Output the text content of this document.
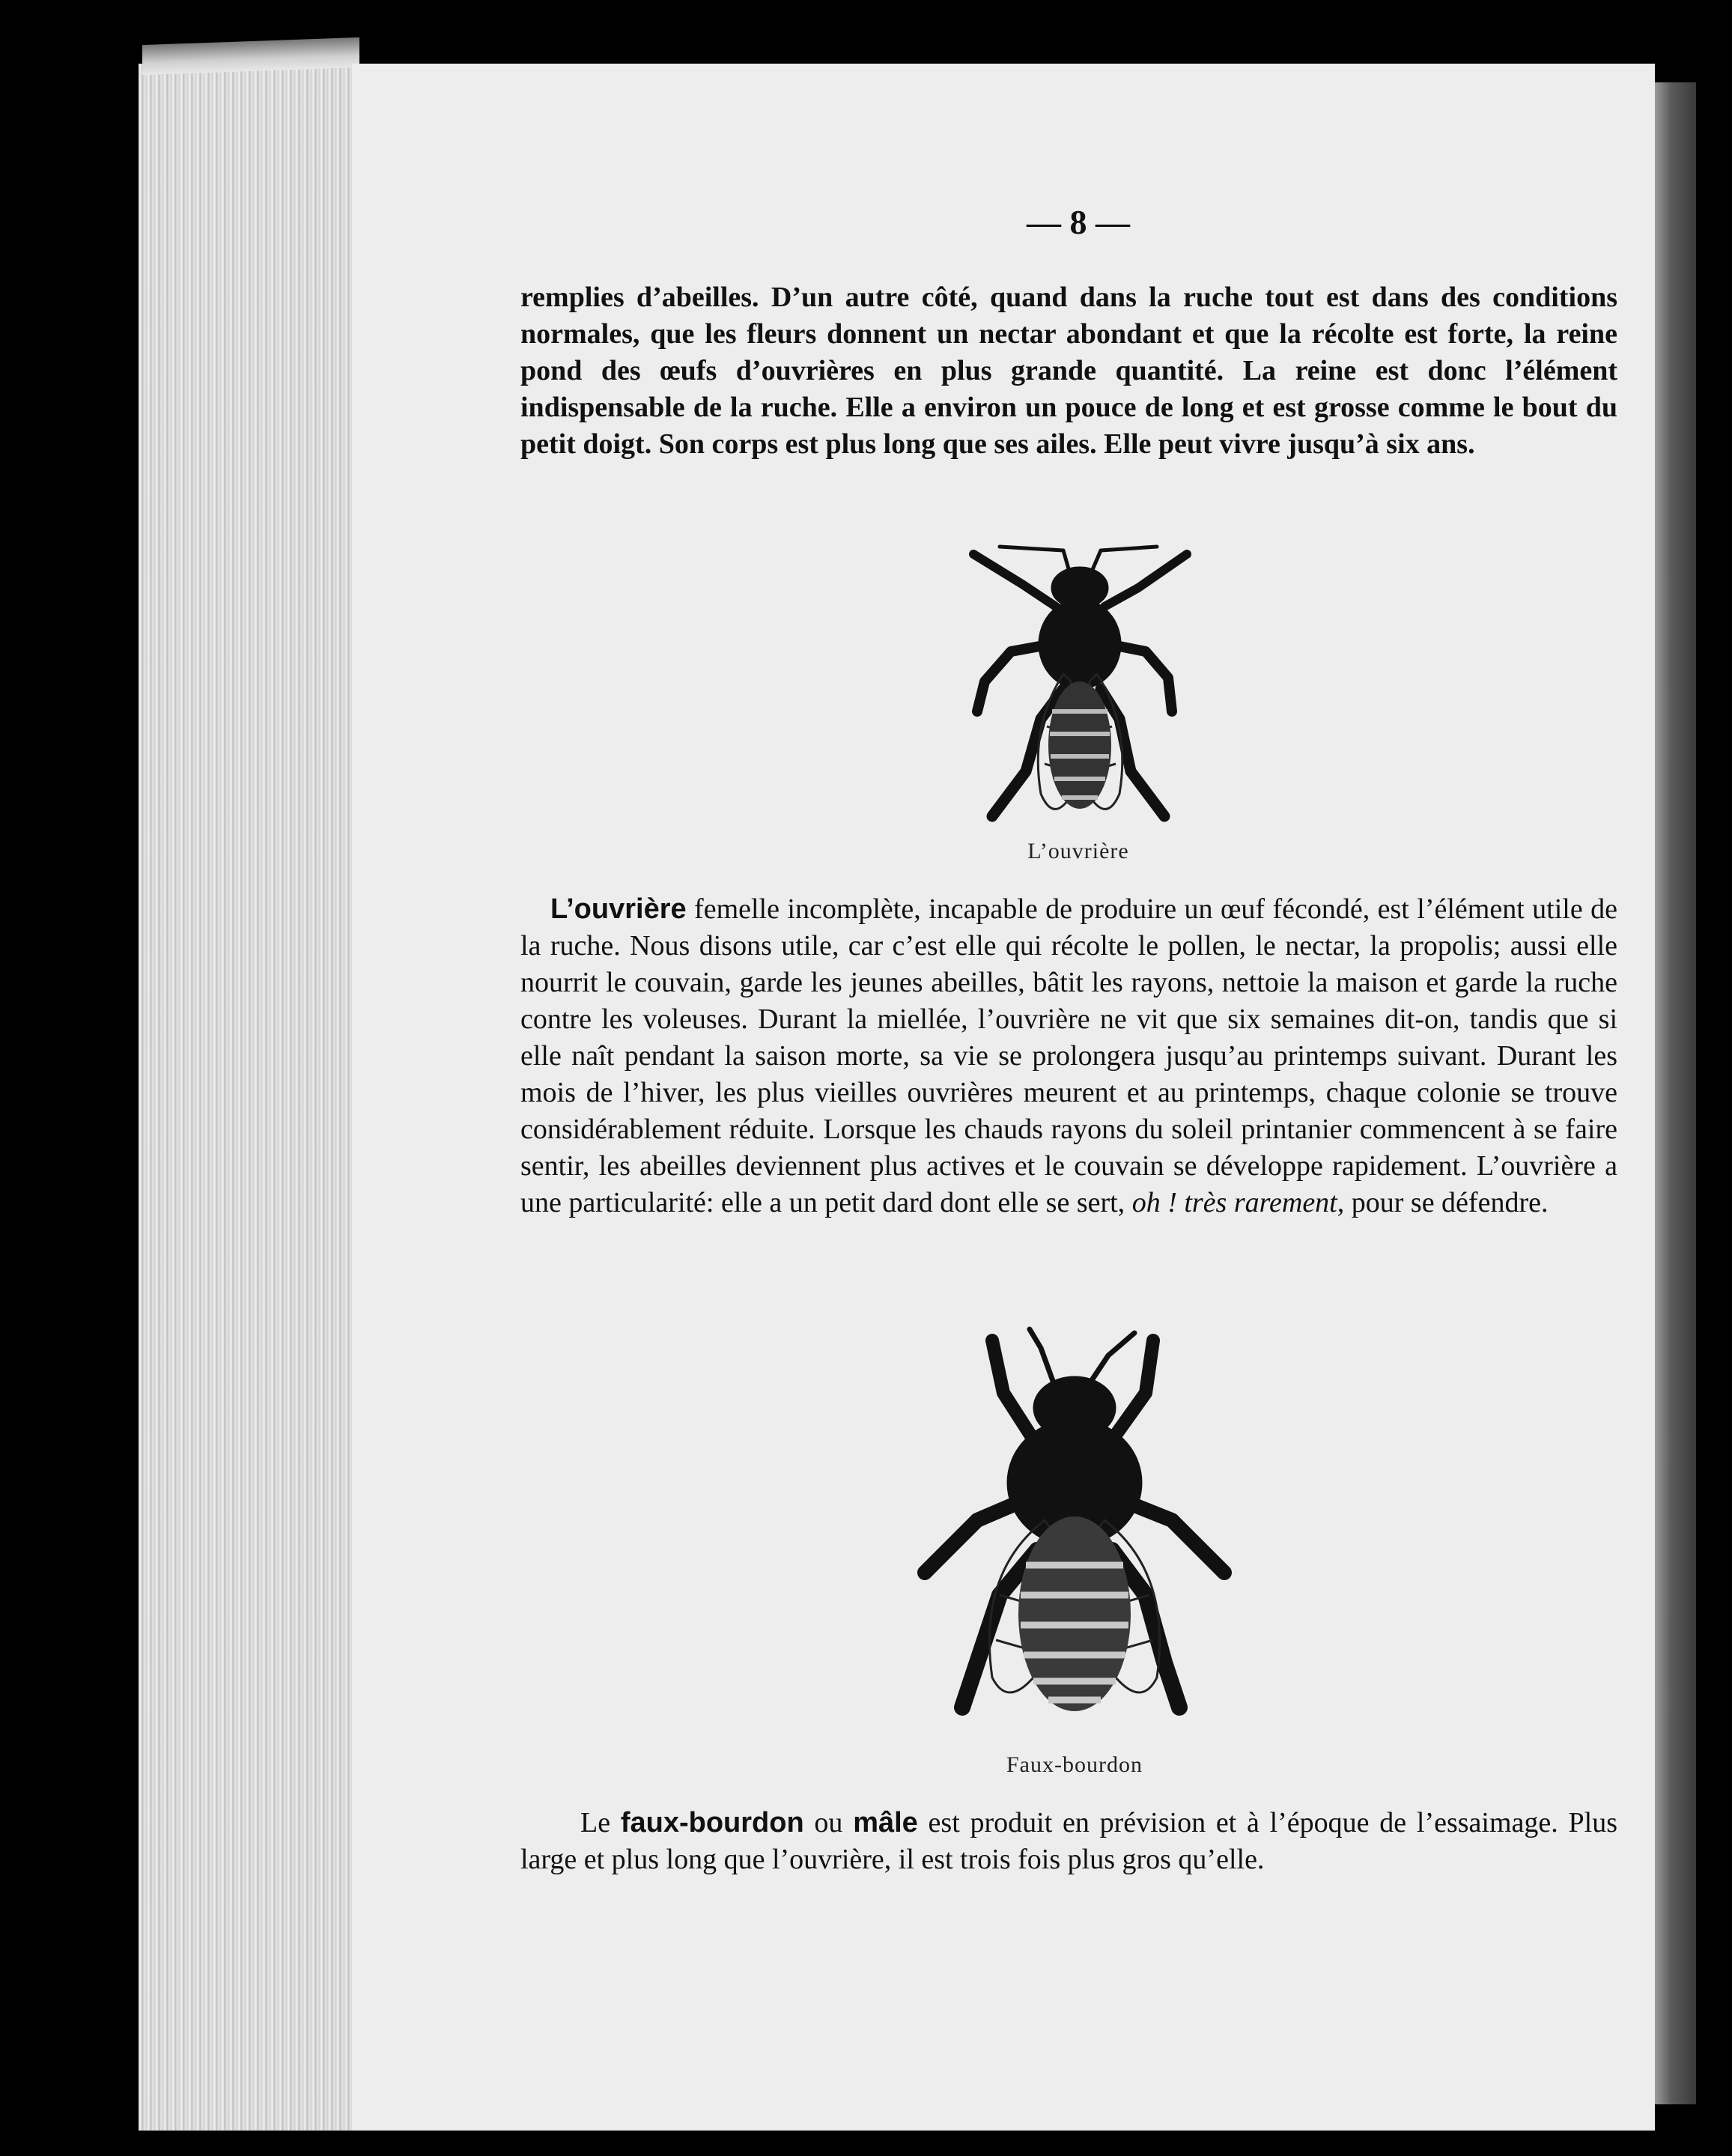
— 8 —

remplies d’abeilles. D’un autre côté, quand dans la ruche tout est dans des conditions normales, que les fleurs donnent un nectar abondant et que la récolte est forte, la reine pond des œufs d’ouvrières en plus grande quantité. La reine est donc l’élément indispensable de la ruche. Elle a environ un pouce de long et est grosse comme le bout du petit doigt. Son corps est plus long que ses ailes. Elle peut vivre jusqu’à six ans.

L’ouvrière

L’ouvrière femelle incomplète, incapable de produire un œuf fécondé, est l’élément utile de la ruche. Nous disons utile, car c’est elle qui récolte le pollen, le nectar, la propolis; aussi elle nourrit le couvain, garde les jeunes abeilles, bâtit les rayons, nettoie la maison et garde la ruche contre les voleuses. Durant la miellée, l’ouvrière ne vit que six semaines dit-on, tandis que si elle naît pendant la saison morte, sa vie se prolongera jusqu’au printemps suivant. Durant les mois de l’hiver, les plus vieilles ouvrières meurent et au printemps, chaque colonie se trouve considérablement réduite. Lorsque les chauds rayons du soleil printanier commencent à se faire sentir, les abeilles deviennent plus actives et le couvain se développe rapidement. L’ouvrière a une particularité: elle a un petit dard dont elle se sert, oh ! très rarement, pour se défendre.

Faux-bourdon

Le faux-bourdon ou mâle est produit en prévision et à l’époque de l’essaimage. Plus large et plus long que l’ouvrière, il est trois fois plus gros qu’elle.
